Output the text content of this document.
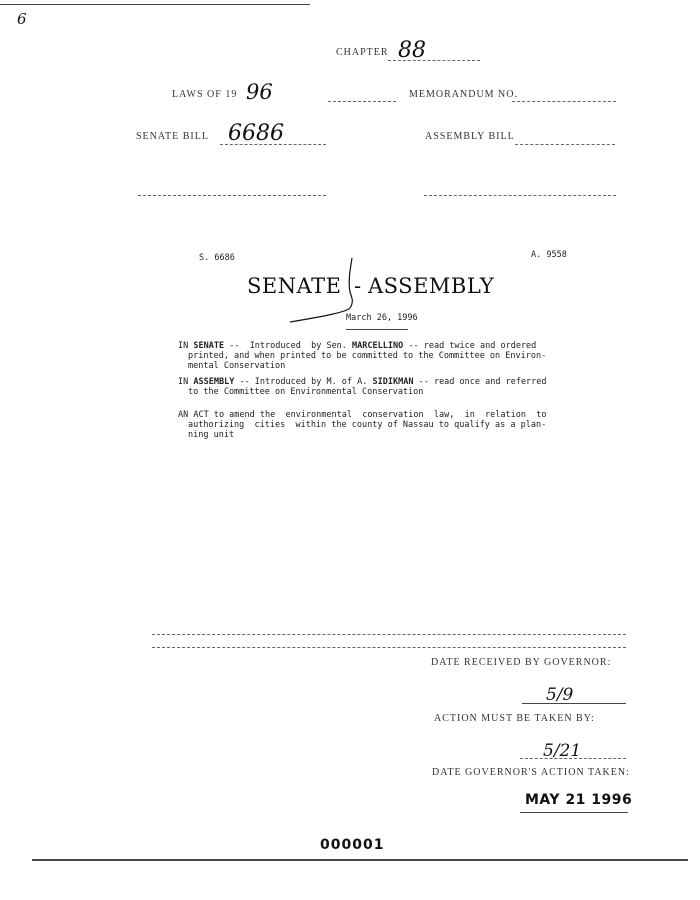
6
CHAPTER 88
LAWS OF 19 96	MEMORANDUM NO.
SENATE BILL 6686	ASSEMBLY BILL
S. 6686	A. 9558
SENATE - ASSEMBLY
March 26, 1996
IN SENATE --  Introduced  by Sen. MARCELLINO -- read twice and ordered
printed, and when printed to be committed to the Committee on Environ-
mental Conservation
IN ASSEMBLY -- Introduced by M. of A. SIDIKMAN -- read once and referred
to the Committee on Environmental Conservation
AN ACT to amend the  environmental  conservation  law,  in  relation  to
authorizing  cities  within the county of Nassau to qualify as a plan-
ning unit
DATE RECEIVED BY GOVERNOR:
5/9
ACTION MUST BE TAKEN BY:
5/21
DATE GOVERNOR'S ACTION TAKEN:
MAY 21 1996
000001
